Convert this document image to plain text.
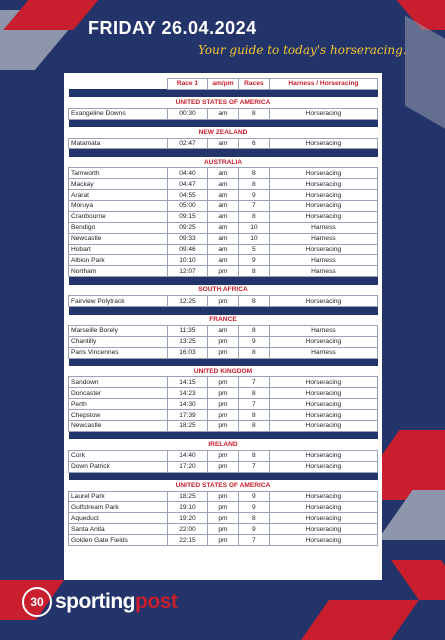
FRIDAY 26.04.2024
Your guide to today's horseracing.
	Race 1	am/pm	Races	Harness / Horseracing

UNITED STATES OF AMERICA				
Evangeline Downs	00:30	am	8	Horseracing

NEW ZEALAND				
Matamata	02:47	am	6	Horseracing

AUSTRALIA				
Tamworth	04:40	am	8	Horseracing
Mackay	04:47	am	8	Horseracing
Ararat	04:55	am	9	Horseracing
Moruya	05:00	am	7	Horseracing
Cranbourne	09:15	am	8	Horseracing
Bendigo	09:25	am	10	Harness
Newcastle	09:33	am	10	Harness
Hobart	09:46	am	5	Horseracing
Albion Park	10:10	am	9	Harness
Northam	12:07	pm	8	Harness

SOUTH AFRICA				
Fairview Polytrack	12:25	pm	8	Horseracing

FRANCE				
Marseille Borely	11:35	am	8	Harness
Chantilly	13:25	pm	9	Horseracing
Paris Vincennes	16:03	pm	8	Harness

UNITED KINGDOM				
Sandown	14:15	pm	7	Horseracing
Doncaster	14:23	pm	8	Horseracing
Perth	14:30	pm	7	Horseracing
Chepstow	17:39	pm	8	Horseracing
Newcastle	18:25	pm	8	Horseracing

IRELAND				
Cork	14:40	pm	8	Horseracing
Down Patrick	17:20	pm	7	Horseracing

UNITED STATES OF AMERICA				
Laurel Park	18:25	pm	9	Horseracing
Gulfstream Park	19:10	pm	9	Horseracing
Aqueduct	19:20	pm	8	Horseracing
Santa Anita	22:00	pm	9	Horseracing
Golden Gate Fields	22:15	pm	7	Horseracing
30 sporting post
